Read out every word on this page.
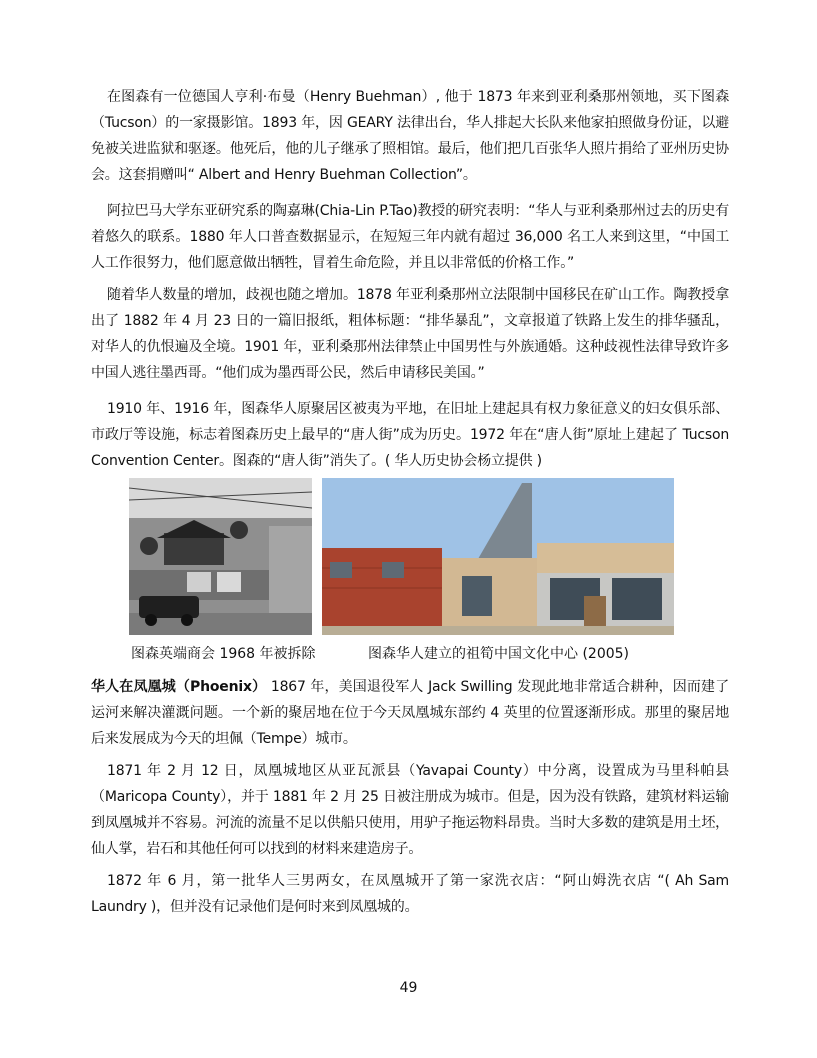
在图森有一位德国人亨利·布曼（Henry Buehman）, 他于 1873 年来到亚利桑那州领地，买下图森（Tucson）的一家摄影馆。1893 年，因 GEARY 法律出台，华人排起大长队来他家拍照做身份证，以避免被关进监狱和驱逐。他死后，他的儿子继承了照相馆。最后，他们把几百张华人照片捐给了亚州历史协会。这套捐赠叫“ Albert and Henry Buehman Collection”。

阿拉巴马大学东亚研究系的陶嘉琳(Chia-Lin P.Tao)教授的研究表明：“华人与亚利桑那州过去的历史有着悠久的联系。1880 年人口普查数据显示，在短短三年内就有超过 36,000 名工人来到这里，“中国工人工作很努力，他们愿意做出牺牲，冒着生命危险，并且以非常低的价格工作。”

随着华人数量的增加，歧视也随之增加。1878 年亚利桑那州立法限制中国移民在矿山工作。陶教授拿出了 1882 年 4 月 23 日的一篇旧报纸，粗体标题：“排华暴乱”，文章报道了铁路上发生的排华骚乱，对华人的仇恨遍及全境。1901 年，亚利桑那州法律禁止中国男性与外族通婚。这种歧视性法律导致许多中国人逃往墨西哥。“他们成为墨西哥公民，然后申请移民美国。”

1910 年、1916 年，图森华人原聚居区被夷为平地，在旧址上建起具有权力象征意义的妇女俱乐部、市政厅等设施，标志着图森历史上最早的“唐人街”成为历史。1972 年在“唐人街”原址上建起了 Tucson Convention Center。图森的“唐人街”消失了。( 华人历史协会杨立提供 )

图森英端商会 1968 年被拆除	图森华人建立的祖筍中国文化中心 (2005)

华人在凤凰城（Phoenix） 1867 年，美国退役军人 Jack Swilling 发现此地非常适合耕种，因而建了运河来解决灌溉问题。一个新的聚居地在位于今天凤凰城东部约 4 英里的位置逐渐形成。那里的聚居地后来发展成为今天的坦佩（Tempe）城市。

1871 年 2 月 12 日，凤凰城地区从亚瓦派县（Yavapai County）中分离，设置成为马里科帕县（Maricopa County），并于 1881 年 2 月 25 日被注册成为城市。但是，因为没有铁路，建筑材料运输到凤凰城并不容易。河流的流量不足以供船只使用，用驴子拖运物料昂贵。当时大多数的建筑是用土坯，仙人掌，岩石和其他任何可以找到的材料来建造房子。

1872 年 6 月，第一批华人三男两女，在凤凰城开了第一家洗衣店：“阿山姆洗衣店 “( Ah Sam Laundry )，但并没有记录他们是何时来到凤凰城的。

49
